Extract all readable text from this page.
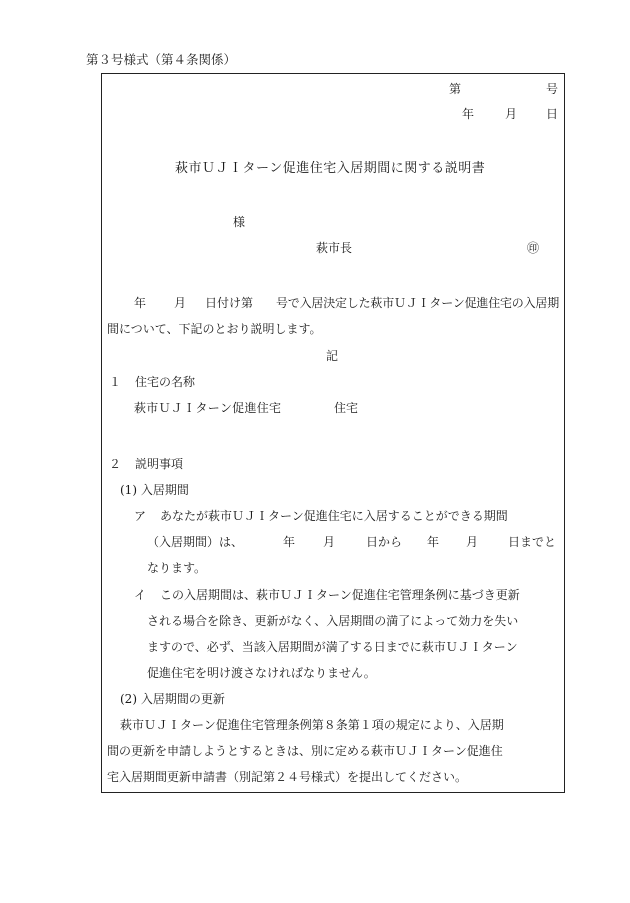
第３号様式（第４条関係）
第	号
年	月 日
萩市ＵＪＩターン促進住宅入居期間に関する説明書
様
萩市長	㊞
年 月 日付け第 号で入居決定した萩市ＵＪＩターン促進住宅の入居期
間について、下記のとおり説明します。
記
１ 住宅の名称
萩市ＵＪＩターン促進住宅	住宅
２ 説明事項
(1) 入居期間
ア あなたが萩市ＵＪＩターン促進住宅に入居することができる期間
（入居期間）は、	年 月	日から 年 月 日までと
なります。
イ この入居期間は、萩市ＵＪＩターン促進住宅管理条例に基づき更新
される場合を除き、更新がなく、入居期間の満了によって効力を失い
ますので、必ず、当該入居期間が満了する日までに萩市ＵＪＩターン
促進住宅を明け渡さなければなりません。
(2) 入居期間の更新
萩市ＵＪＩターン促進住宅管理条例第８条第１項の規定により、入居期
間の更新を申請しようとするときは、別に定める萩市ＵＪＩターン促進住
宅入居期間更新申請書（別記第２４号様式）を提出してください。
